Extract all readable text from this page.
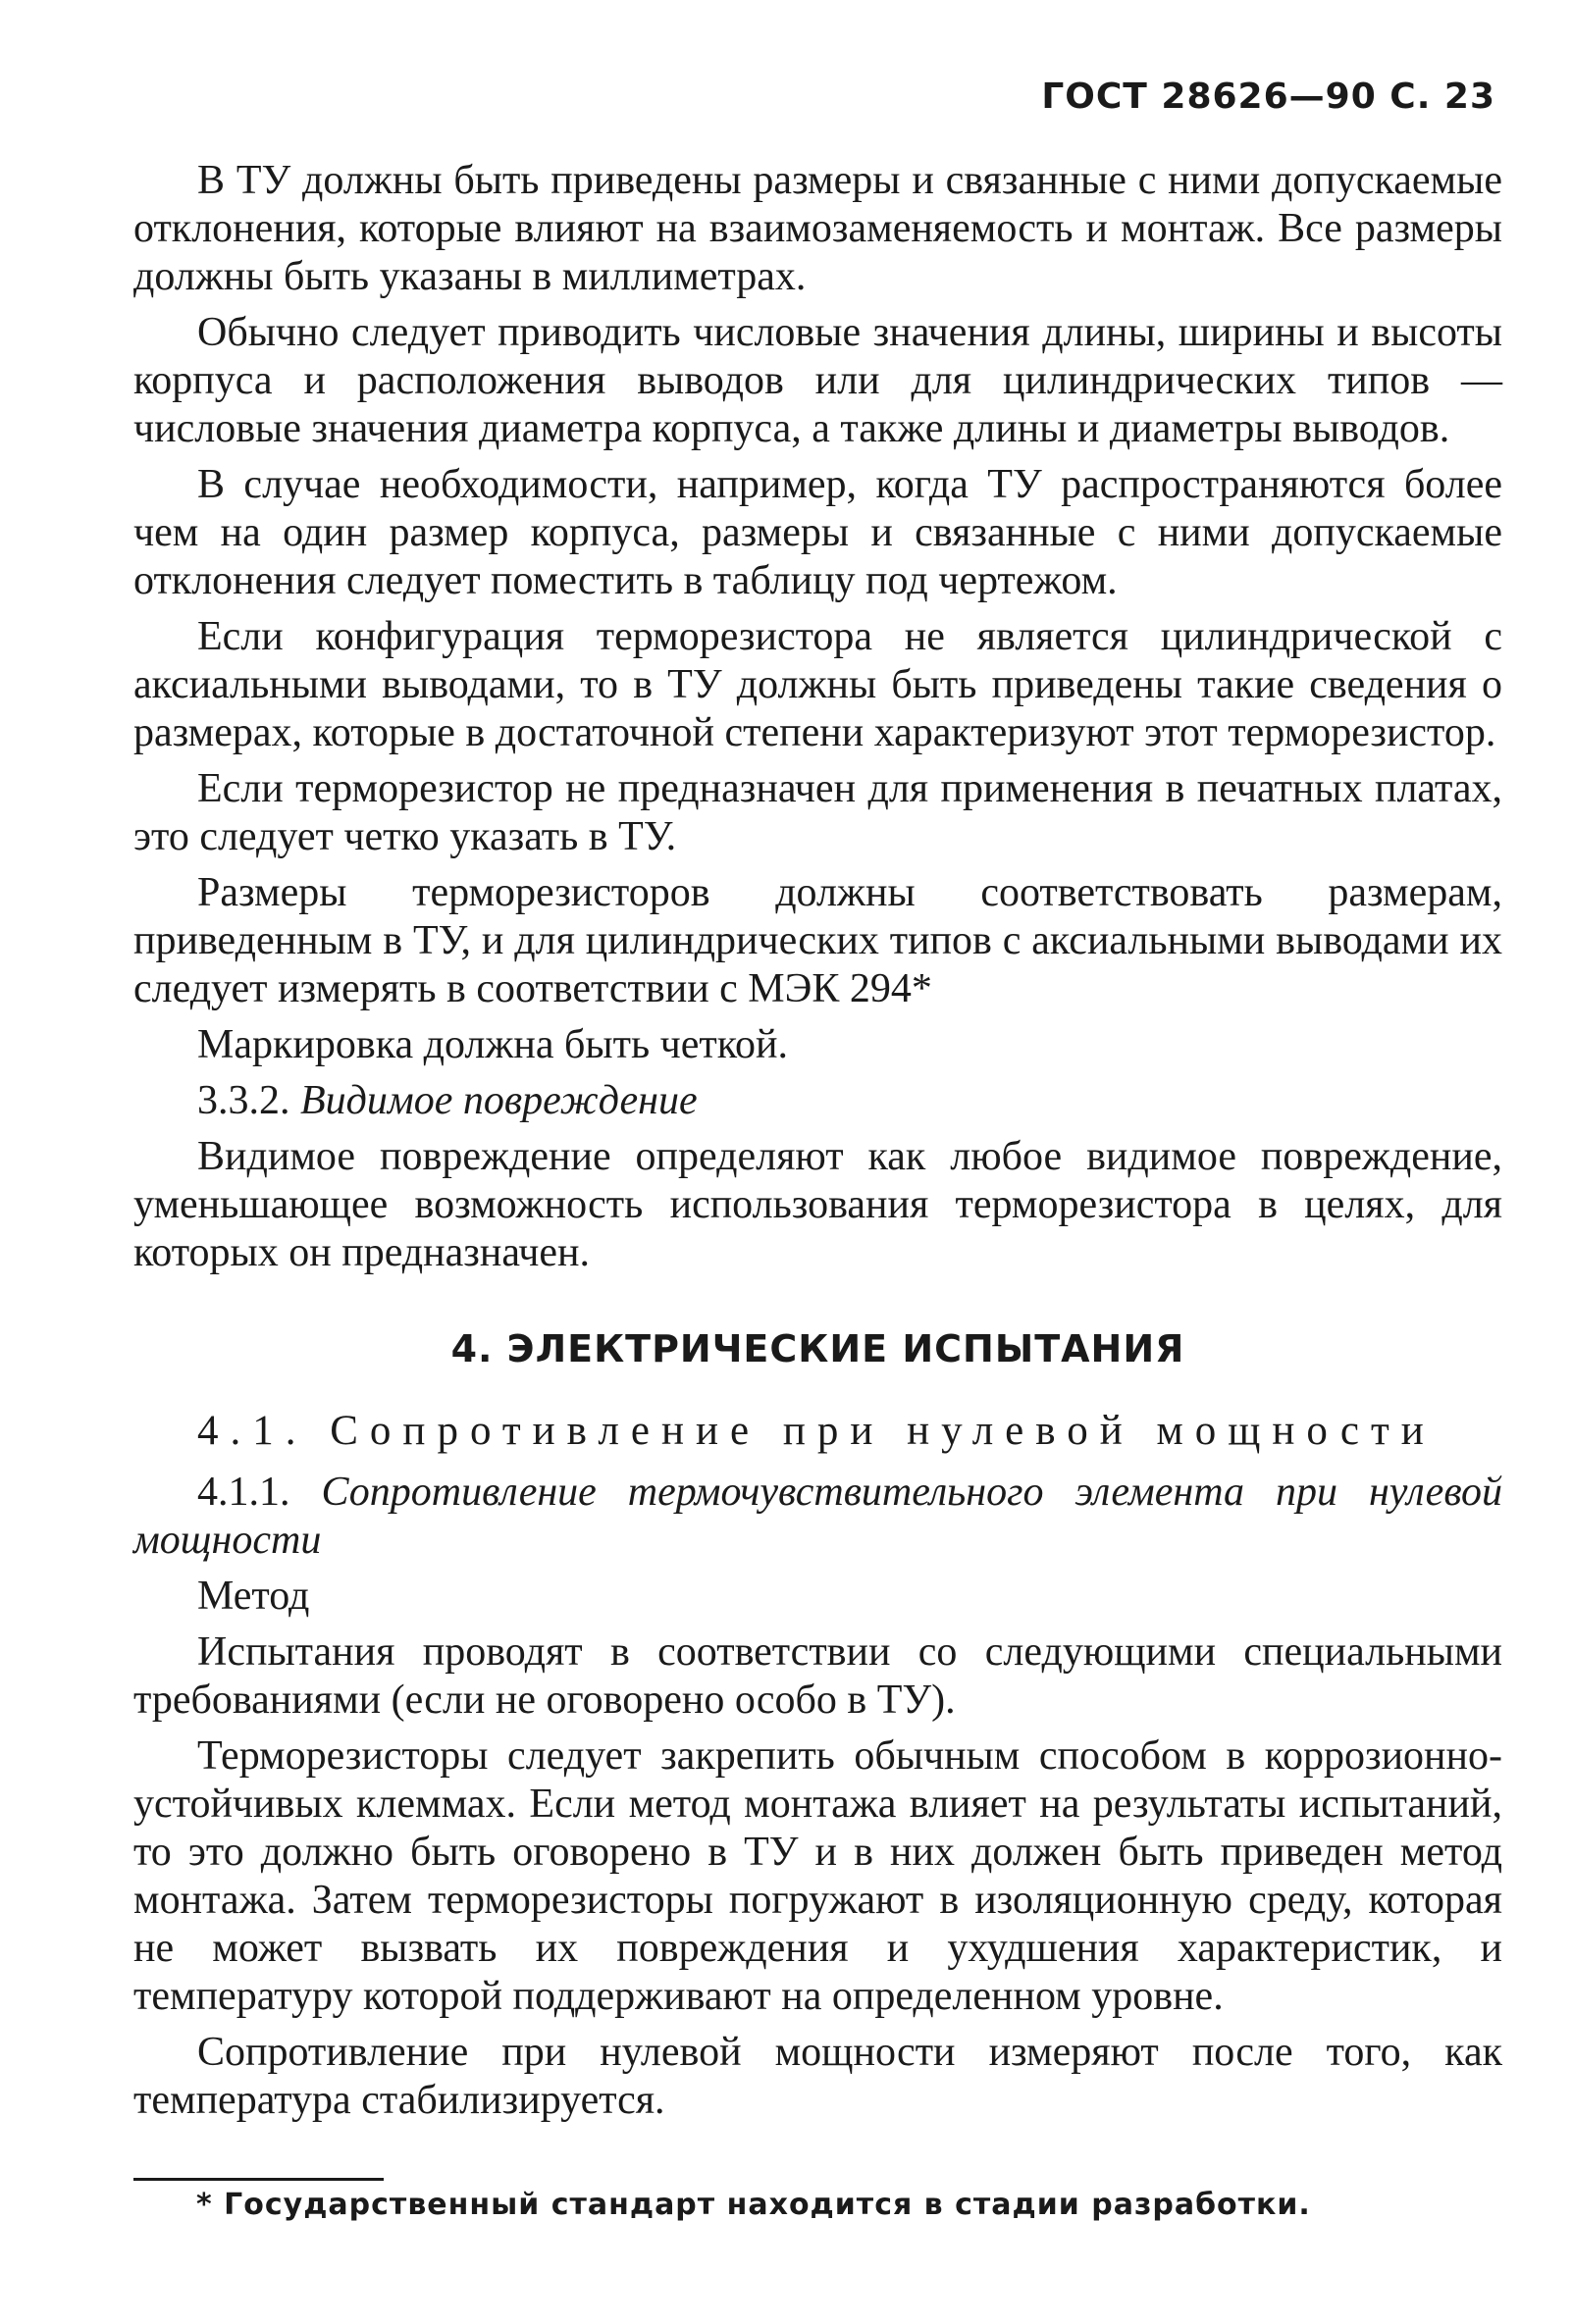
ГОСТ 28626—90 С. 23

В ТУ должны быть приведены размеры и связанные с ними допускаемые отклонения, которые влияют на взаимозаменяемость и монтаж. Все размеры должны быть указаны в миллиметрах.

Обычно следует приводить числовые значения длины, ширины и высоты корпуса и расположения выводов или для цилиндрических типов — числовые значения диаметра корпуса, а также длины и диаметры выводов.

В случае необходимости, например, когда ТУ распространяются более чем на один размер корпуса, размеры и связанные с ними допускаемые отклонения следует поместить в таблицу под чертежом.

Если конфигурация терморезистора не является цилиндрической с аксиальными выводами, то в ТУ должны быть приведены такие сведения о размерах, которые в достаточной степени характеризуют этот терморезистор.

Если терморезистор не предназначен для применения в печатных платах, это следует четко указать в ТУ.

Размеры терморезисторов должны соответствовать размерам, приведенным в ТУ, и для цилиндрических типов с аксиальными выводами их следует измерять в соответствии с МЭК 294*

Маркировка должна быть четкой.

3.3.2. Видимое повреждение

Видимое повреждение определяют как любое видимое повреждение, уменьшающее возможность использования терморезистора в целях, для которых он предназначен.

4. ЭЛЕКТРИЧЕСКИЕ ИСПЫТАНИЯ

4.1. Сопротивление при нулевой мощности

4.1.1. Сопротивление термочувствительного элемента при нулевой мощности

Метод

Испытания проводят в соответствии со следующими специальными требованиями (если не оговорено особо в ТУ).

Терморезисторы следует закрепить обычным способом в коррозионно-устойчивых клеммах. Если метод монтажа влияет на результаты испытаний, то это должно быть оговорено в ТУ и в них должен быть приведен метод монтажа. Затем терморезисторы погружают в изоляционную среду, которая не может вызвать их повреждения и ухудшения характеристик, и температуру которой поддерживают на определенном уровне.

Сопротивление при нулевой мощности измеряют после того, как температура стабилизируется.

* Государственный стандарт находится в стадии разработки.
